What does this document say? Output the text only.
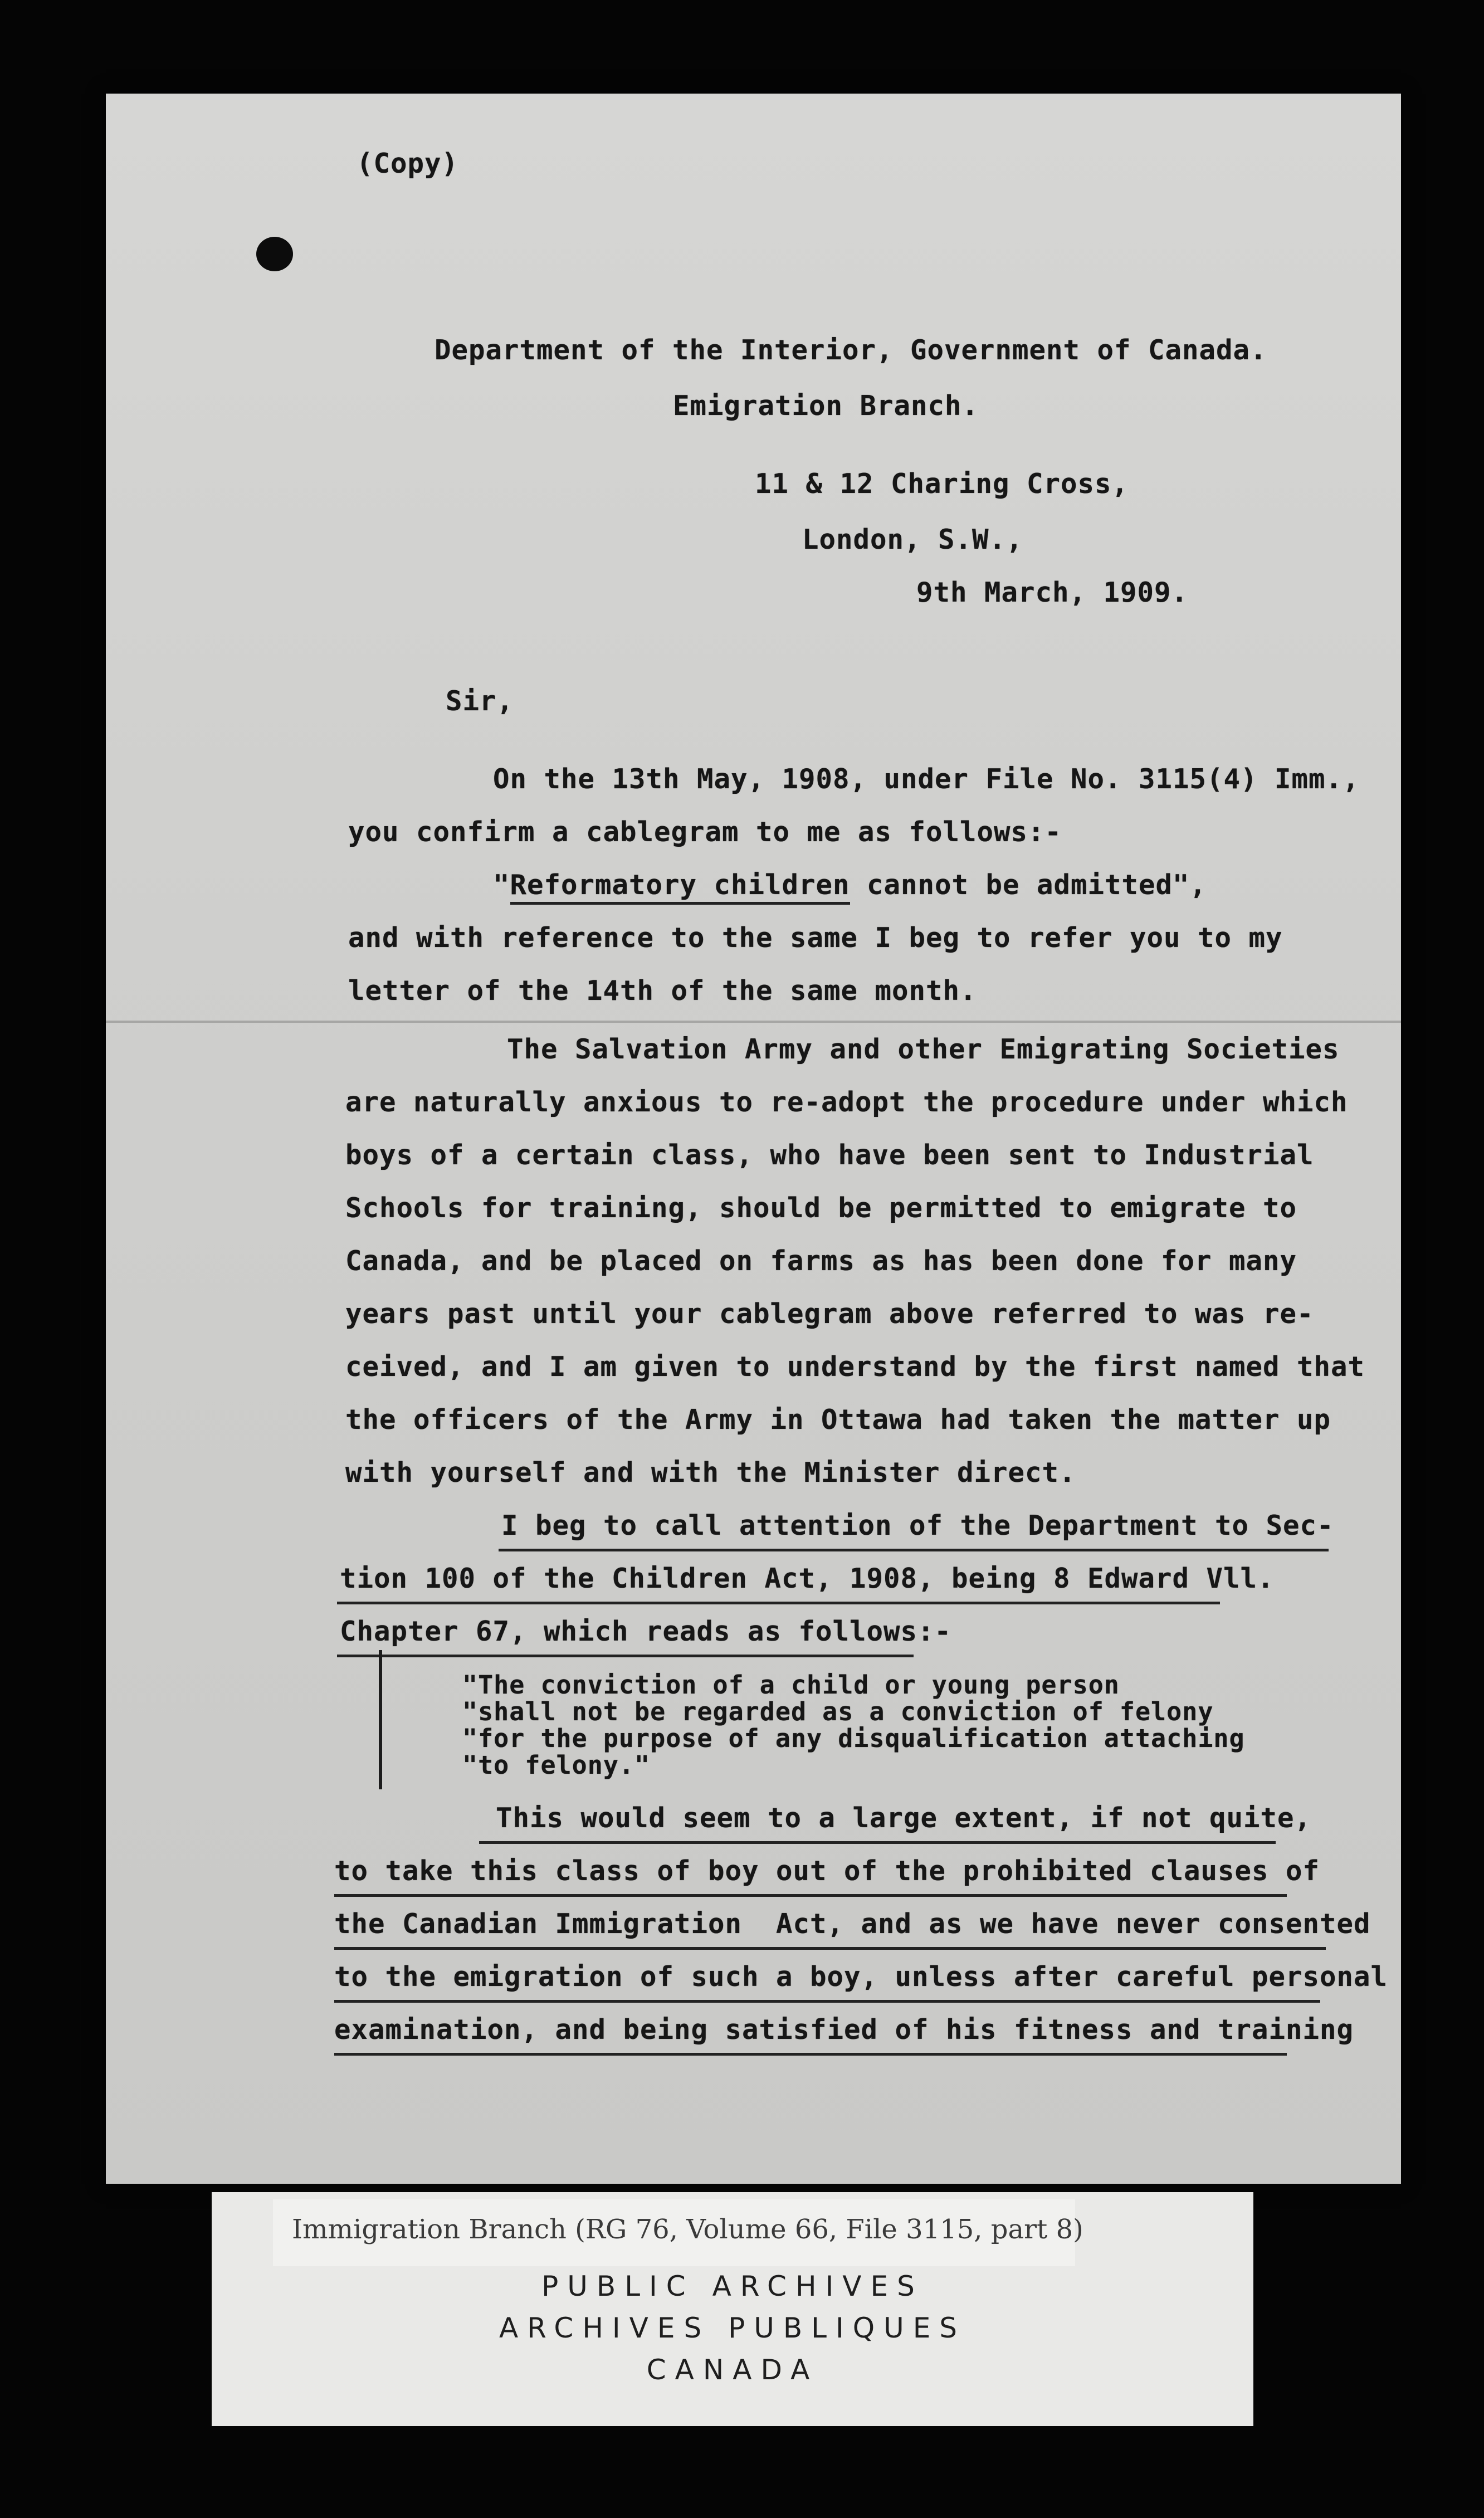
(Copy)

Department of the Interior, Government of Canada.

Emigration Branch.

11 & 12 Charing Cross,

London, S.W.,

9th March, 1909.

Sir,

On the 13th May, 1908, under File No. 3115(4) Imm.,

you confirm a cablegram to me as follows:-

"Reformatory children cannot be admitted",

and with reference to the same I beg to refer you to my

letter of the 14th of the same month.

The Salvation Army and other Emigrating Societies

are naturally anxious to re-adopt the procedure under which

boys of a certain class, who have been sent to Industrial

Schools for training, should be permitted to emigrate to

Canada, and be placed on farms as has been done for many

years past until your cablegram above referred to was re-

ceived, and I am given to understand by the first named that

the officers of the Army in Ottawa had taken the matter up

with yourself and with the Minister direct.

I beg to call attention of the Department to Sec-

tion 100 of the Children Act, 1908, being 8 Edward Vll.

Chapter 67, which reads as follows:-

"The conviction of a child or young person

"shall not be regarded as a conviction of felony

"for the purpose of any disqualification attaching

"to felony."

This would seem to a large extent, if not quite,

to take this class of boy out of the prohibited clauses of

the Canadian Immigration  Act, and as we have never consented

to the emigration of such a boy, unless after careful personal

examination, and being satisfied of his fitness and training

Immigration Branch (RG 76, Volume 66, File 3115, part 8)

PUBLIC ARCHIVES

ARCHIVES PUBLIQUES

CANADA
